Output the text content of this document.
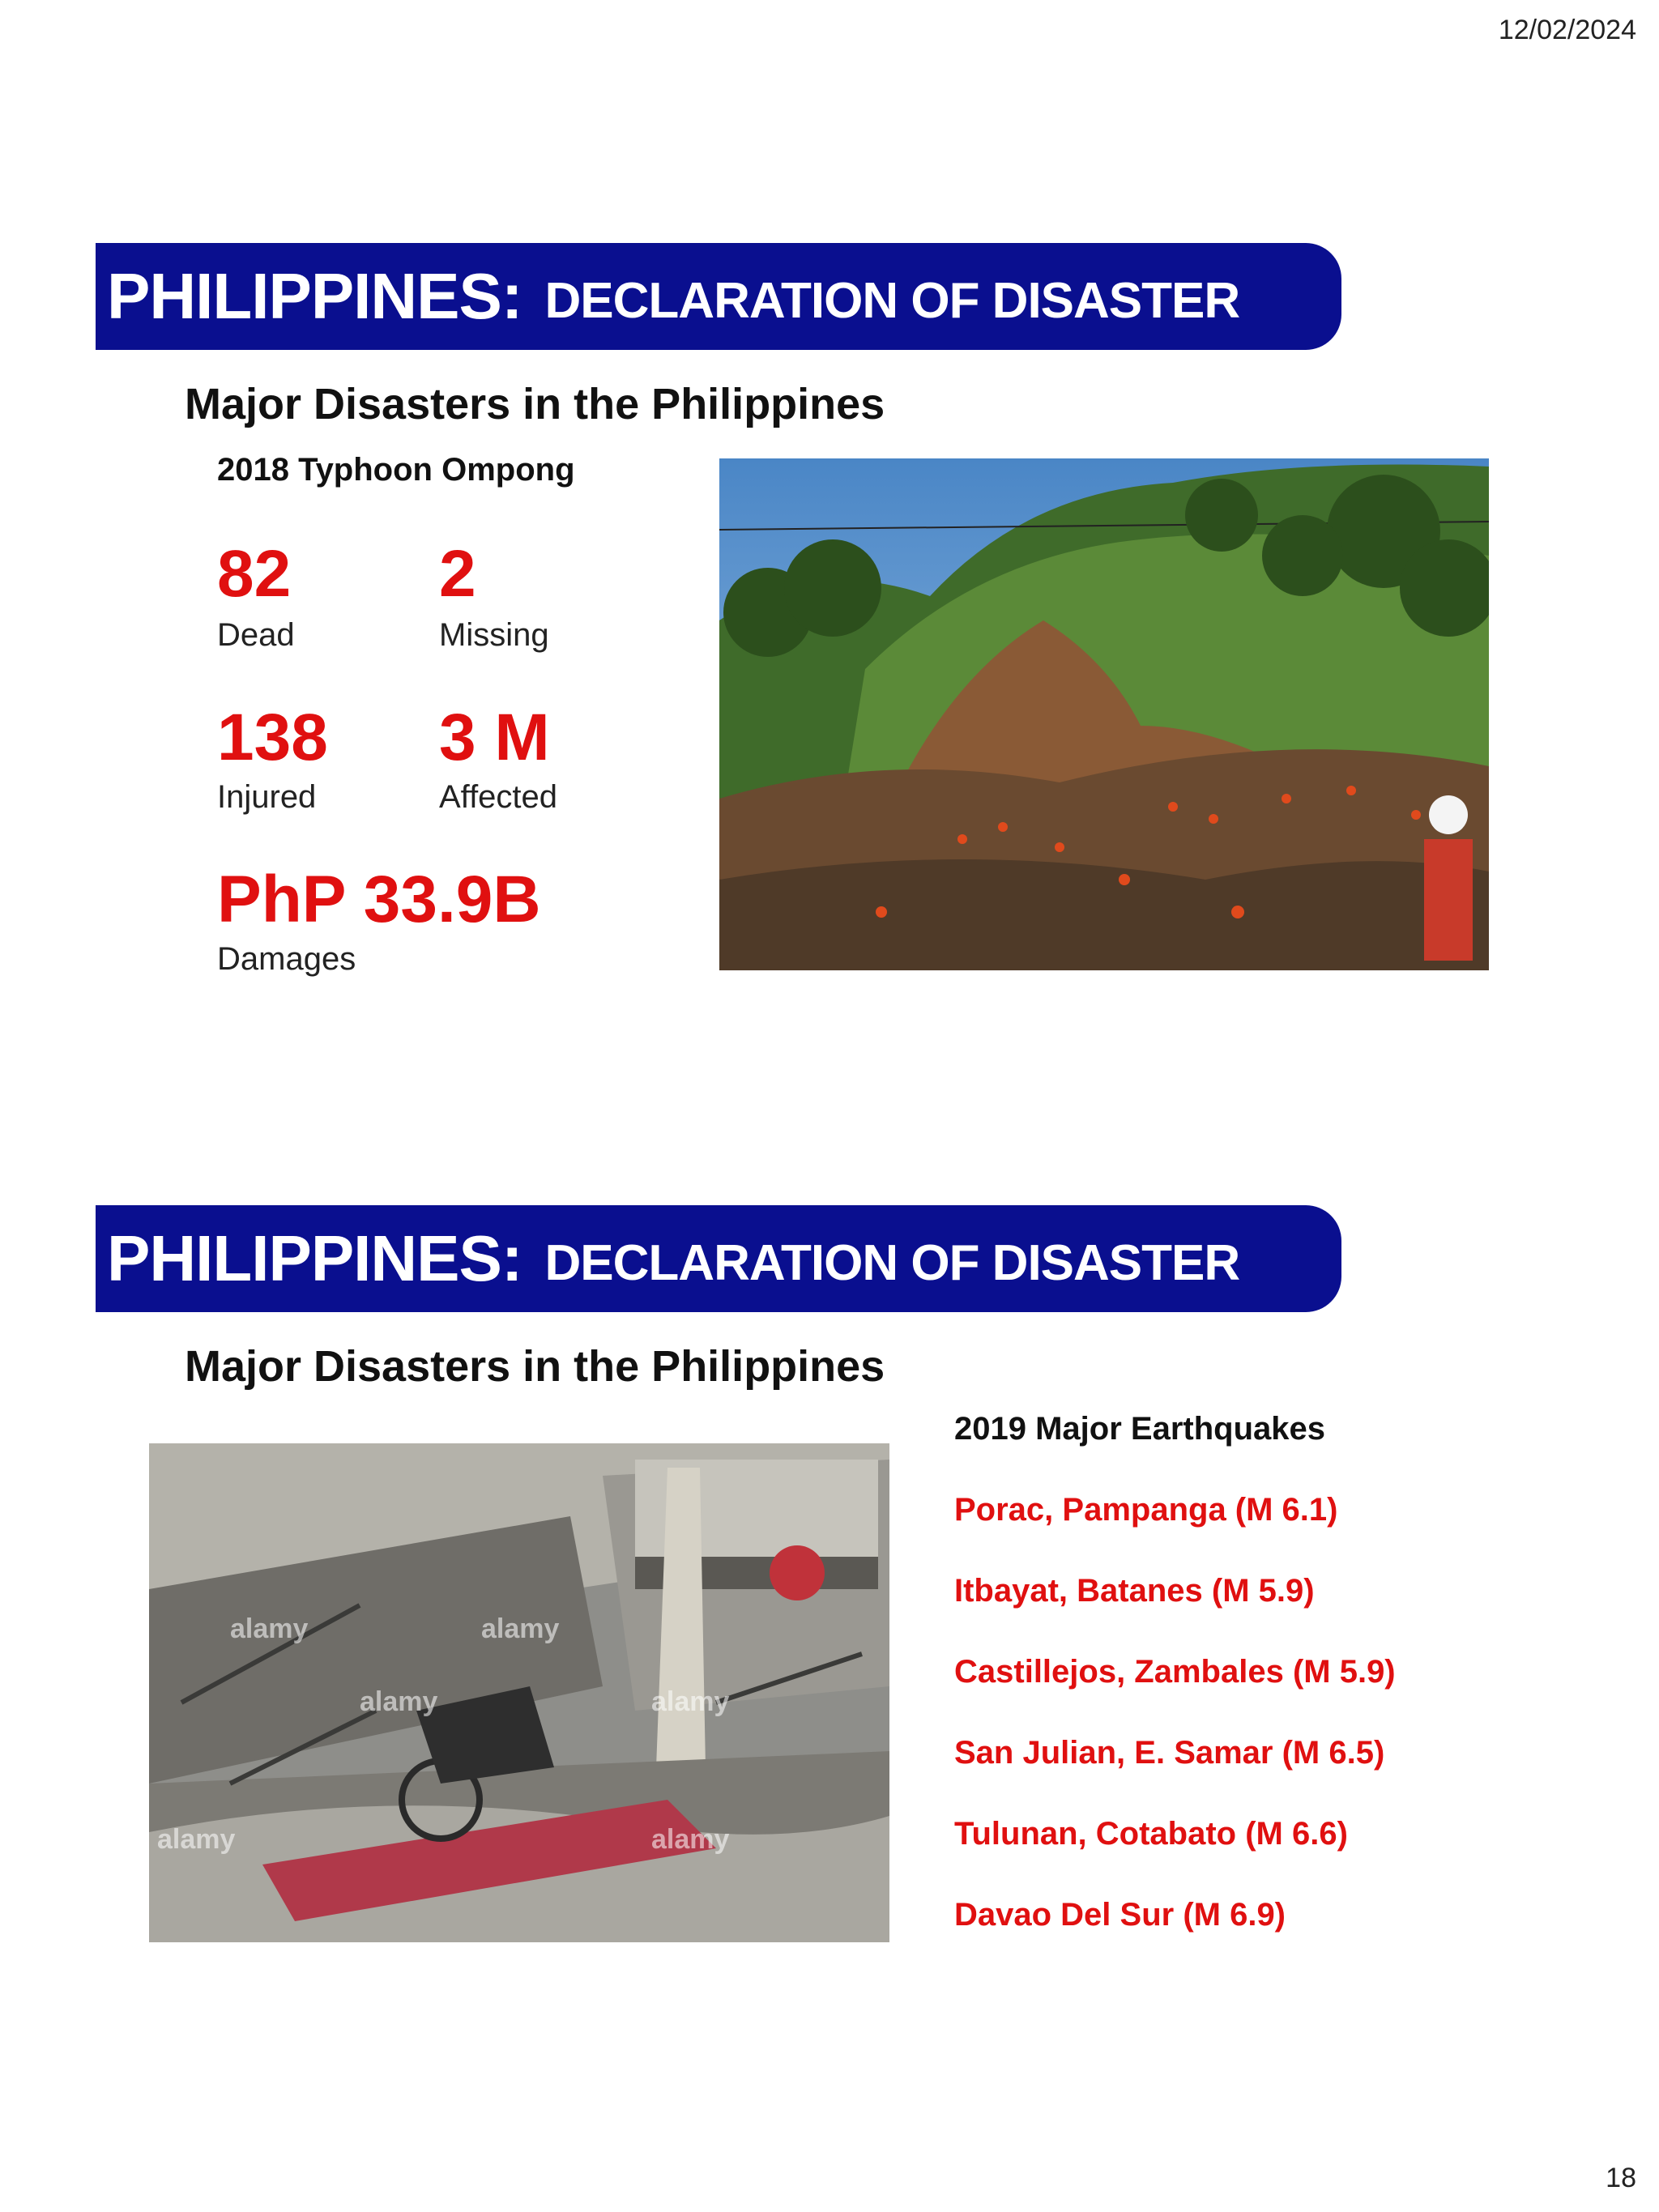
12/02/2024
PHILIPPINES: DECLARATION OF DISASTER
Major Disasters in the Philippines
2018 Typhoon Ompong
82
Dead
2
Missing
138
Injured
3 M
Affected
PhP 33.9B
Damages
PHILIPPINES: DECLARATION OF DISASTER
Major Disasters in the Philippines
2019 Major Earthquakes
Porac, Pampanga (M 6.1)
Itbayat, Batanes (M 5.9)
Castillejos, Zambales (M 5.9)
San Julian, E. Samar (M 6.5)
Tulunan, Cotabato (M 6.6)
Davao Del Sur (M 6.9)
alamy	alamy
alamy	alamy
alamy	alamy
18
